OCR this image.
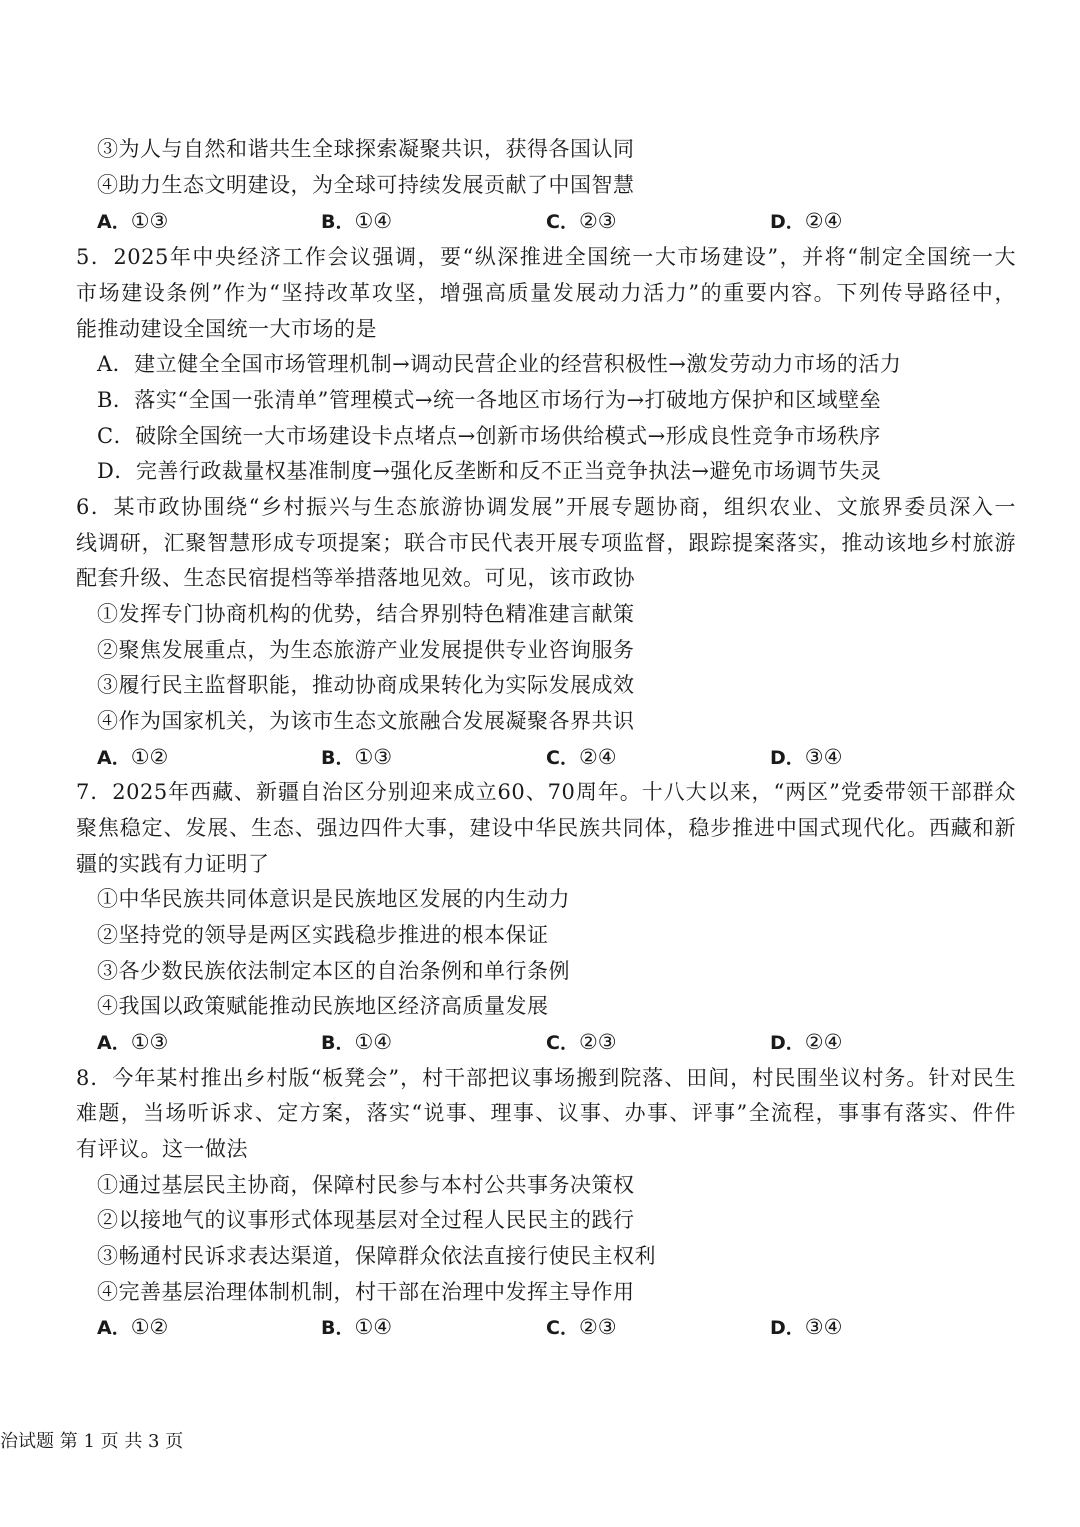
③为人与自然和谐共生全球探索凝聚共识，获得各国认同
④助力生态文明建设，为全球可持续发展贡献了中国智慧
A．①③	B．①④	C．②③	D．②④
5．2025年中央经济工作会议强调，要“纵深推进全国统一大市场建设”，并将“制定全国统一大
市场建设条例”作为“坚持改革攻坚，增强高质量发展动力活力”的重要内容。下列传导路径中，
能推动建设全国统一大市场的是
A．建立健全全国市场管理机制→调动民营企业的经营积极性→激发劳动力市场的活力
B．落实“全国一张清单”管理模式→统一各地区市场行为→打破地方保护和区域壁垒
C．破除全国统一大市场建设卡点堵点→创新市场供给模式→形成良性竞争市场秩序
D．完善行政裁量权基准制度→强化反垄断和反不正当竞争执法→避免市场调节失灵
6．某市政协围绕“乡村振兴与生态旅游协调发展”开展专题协商，组织农业、文旅界委员深入一
线调研，汇聚智慧形成专项提案；联合市民代表开展专项监督，跟踪提案落实，推动该地乡村旅游
配套升级、生态民宿提档等举措落地见效。可见，该市政协
①发挥专门协商机构的优势，结合界别特色精准建言献策
②聚焦发展重点，为生态旅游产业发展提供专业咨询服务
③履行民主监督职能，推动协商成果转化为实际发展成效
④作为国家机关，为该市生态文旅融合发展凝聚各界共识
A．①②	B．①③	C．②④	D．③④
7．2025年西藏、新疆自治区分别迎来成立60、70周年。十八大以来，“两区”党委带领干部群众
聚焦稳定、发展、生态、强边四件大事，建设中华民族共同体，稳步推进中国式现代化。西藏和新
疆的实践有力证明了
①中华民族共同体意识是民族地区发展的内生动力
②坚持党的领导是两区实践稳步推进的根本保证
③各少数民族依法制定本区的自治条例和单行条例
④我国以政策赋能推动民族地区经济高质量发展
A．①③	B．①④	C．②③	D．②④
8．今年某村推出乡村版“板凳会”，村干部把议事场搬到院落、田间，村民围坐议村务。针对民生
难题，当场听诉求、定方案，落实“说事、理事、议事、办事、评事”全流程，事事有落实、件件
有评议。这一做法
①通过基层民主协商，保障村民参与本村公共事务决策权
②以接地气的议事形式体现基层对全过程人民民主的践行
③畅通村民诉求表达渠道，保障群众依法直接行使民主权利
④完善基层治理体制机制，村干部在治理中发挥主导作用
A．①②	B．①④	C．②③	D．③④
治试题 第 1 页 共 3 页
